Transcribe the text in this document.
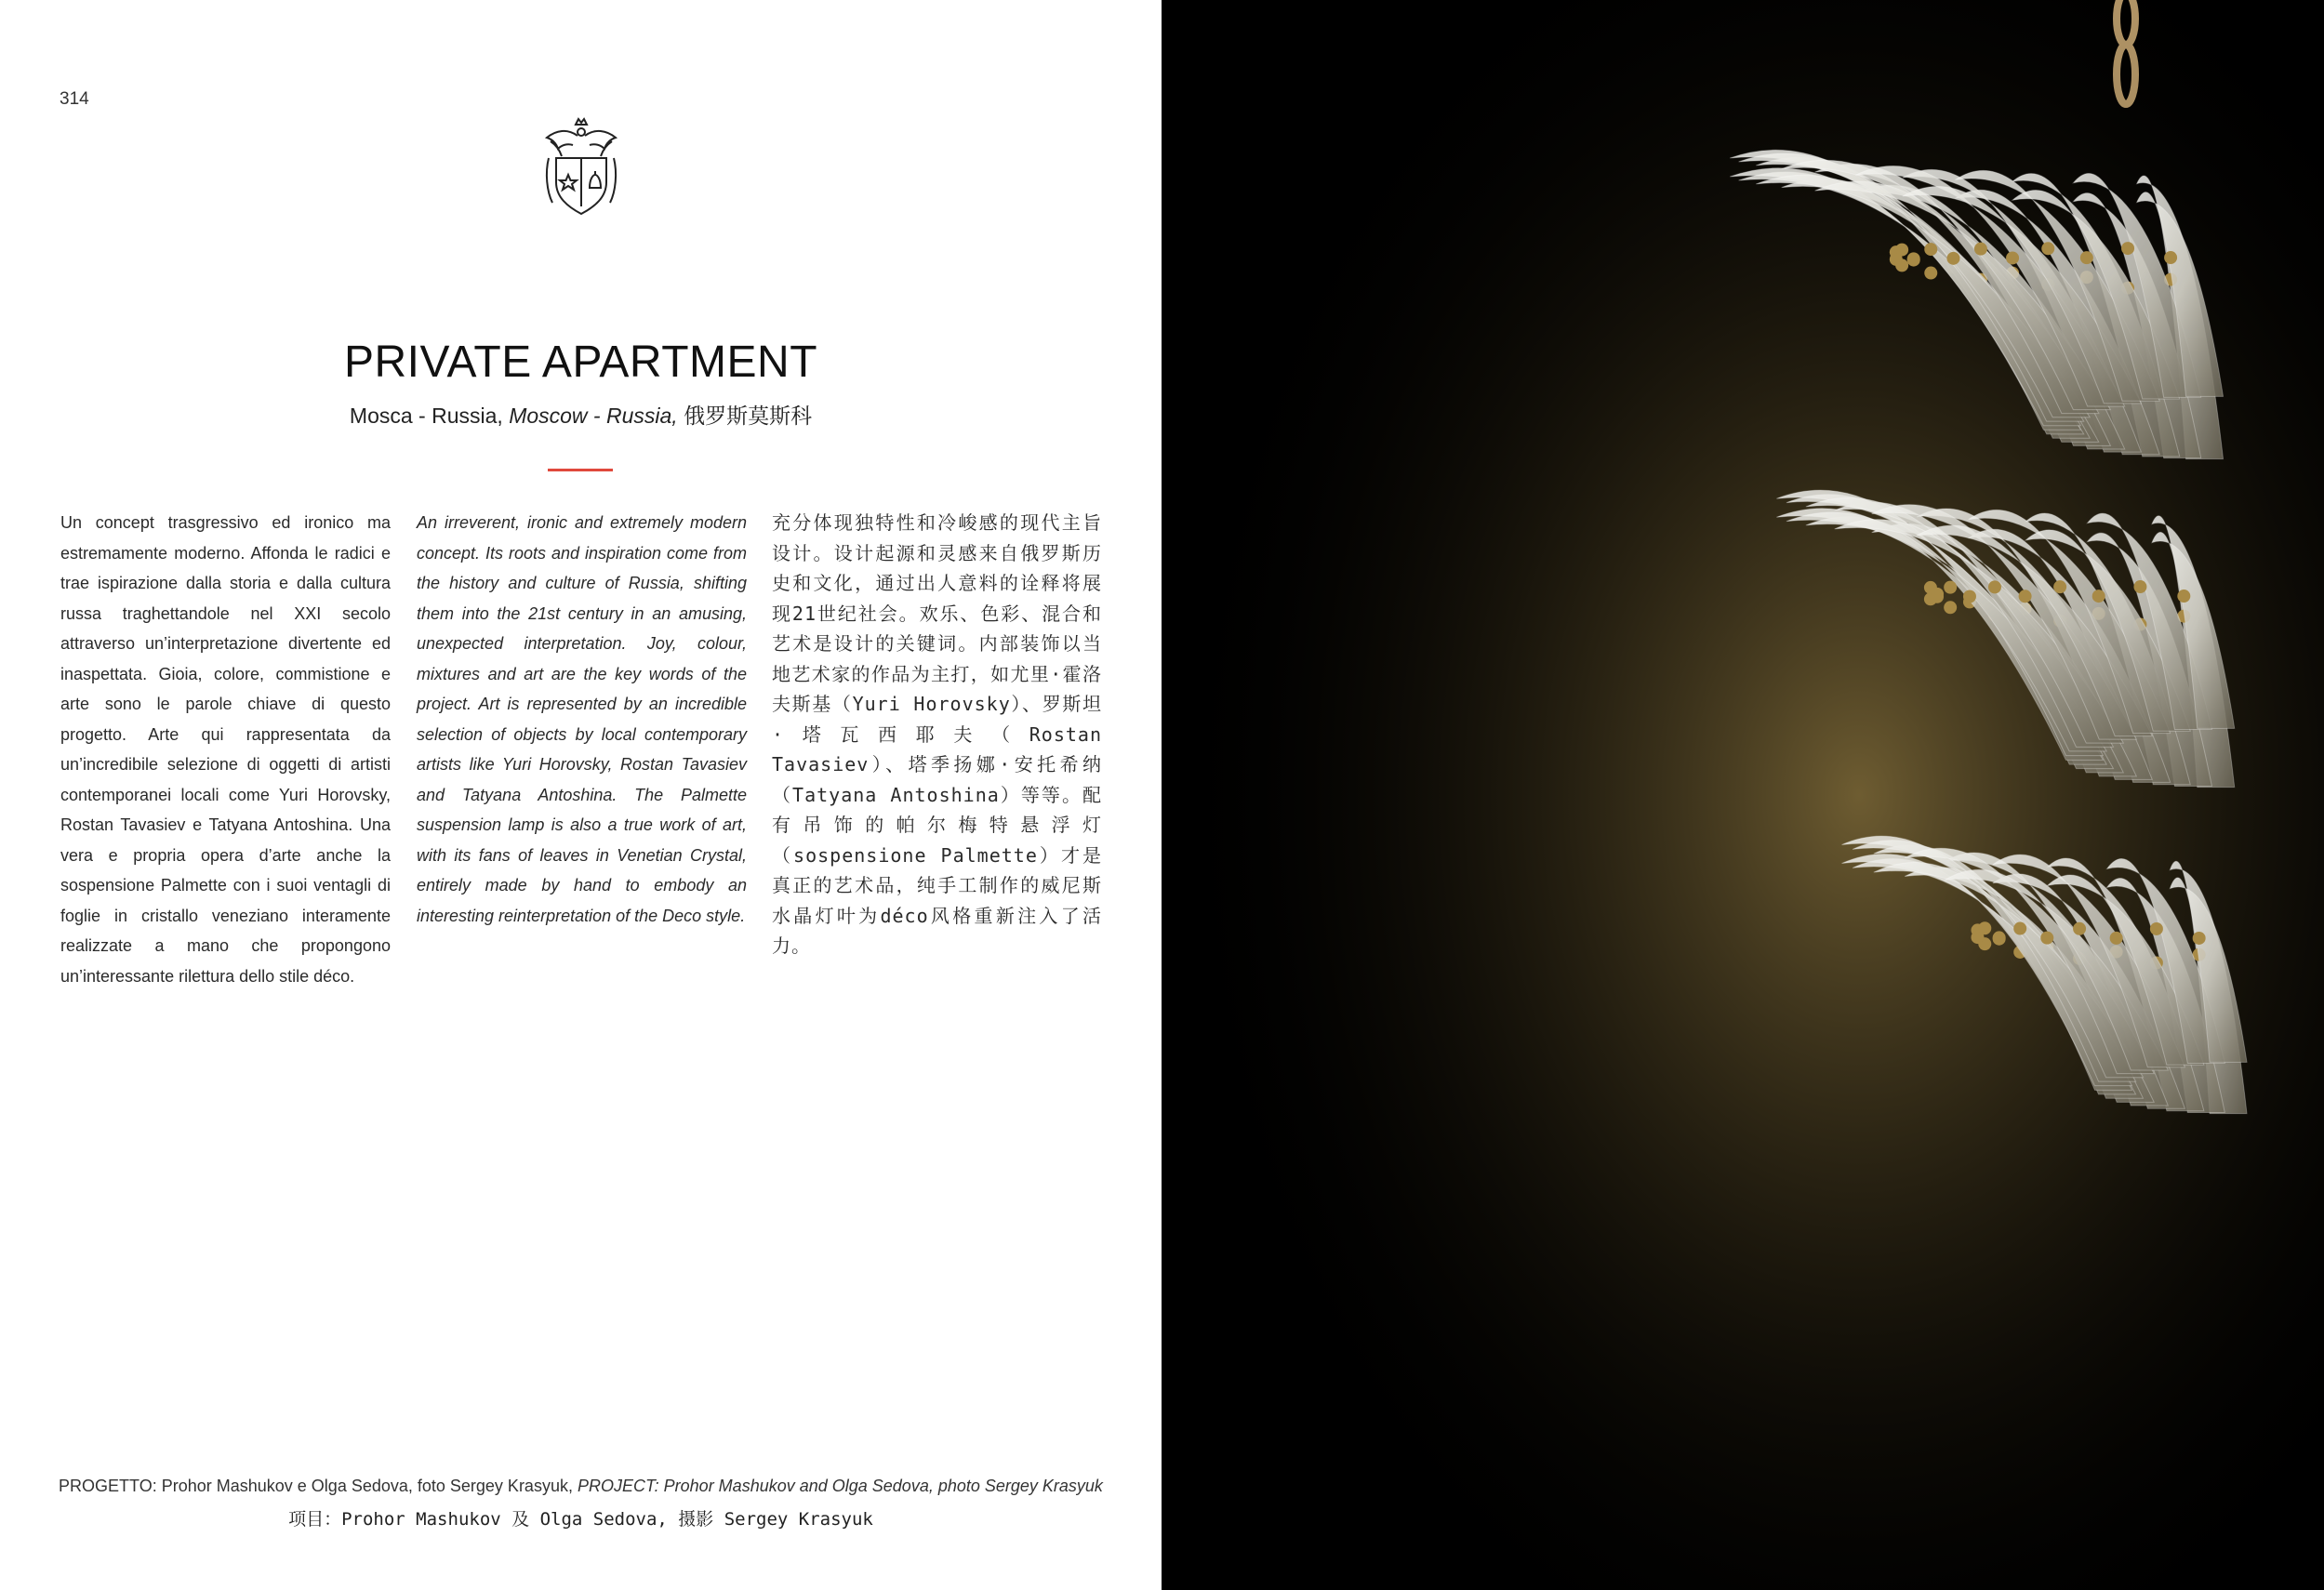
314
PRIVATE APARTMENT
Mosca - Russia, Moscow - Russia, 俄罗斯莫斯科
Un concept trasgressivo ed ironico ma estremamente moderno. Affonda le radici e trae ispirazione dalla storia e dalla cultura russa traghettandole nel XXI secolo attraverso un’interpretazione divertente ed inaspettata. Gioia, colore, commistione e arte sono le parole chiave di questo progetto. Arte qui rappresentata da un’incredibile selezione di oggetti di artisti contemporanei locali come Yuri Horovsky, Rostan Tavasiev e Tatyana Antoshina. Una vera e propria opera d’arte anche la sospensione Palmette con i suoi ventagli di foglie in cristallo veneziano interamente realizzate a mano che propongono un’interessante rilettura dello stile déco.
An irreverent, ironic and extremely modern concept. Its roots and inspiration come from the history and culture of Russia, shifting them into the 21st century in an amusing, unexpected interpretation. Joy, colour, mixtures and art are the key words of the project. Art is represented by an incredible selection of objects by local contemporary artists like Yuri Horovsky, Rostan Tavasiev and Tatyana Antoshina. The Palmette suspension lamp is also a true work of art, with its fans of leaves in Venetian Crystal, entirely made by hand to embody an interesting reinterpretation of the Deco style.
充分体现独特性和冷峻感的现代主旨设计。设计起源和灵感来自俄罗斯历史和文化，通过出人意料的诠释将展现21世纪社会。欢乐、色彩、混合和艺术是设计的关键词。内部装饰以当地艺术家的作品为主打，如尤里·霍洛夫斯基（Yuri Horovsky）、罗斯坦·塔瓦西耶夫（Rostan Tavasiev）、塔季扬娜·安托希纳（Tatyana Antoshina）等等。配有吊饰的帕尔梅特悬浮灯（sospensione Palmette）才是真正的艺术品，纯手工制作的威尼斯水晶灯叶为déco风格重新注入了活力。
PROGETTO: Prohor Mashukov e Olga Sedova, foto Sergey Krasyuk, PROJECT: Prohor Mashukov and Olga Sedova, photo Sergey Krasyuk
项目：Prohor Mashukov 及 Olga Sedova, 摄影 Sergey Krasyuk
